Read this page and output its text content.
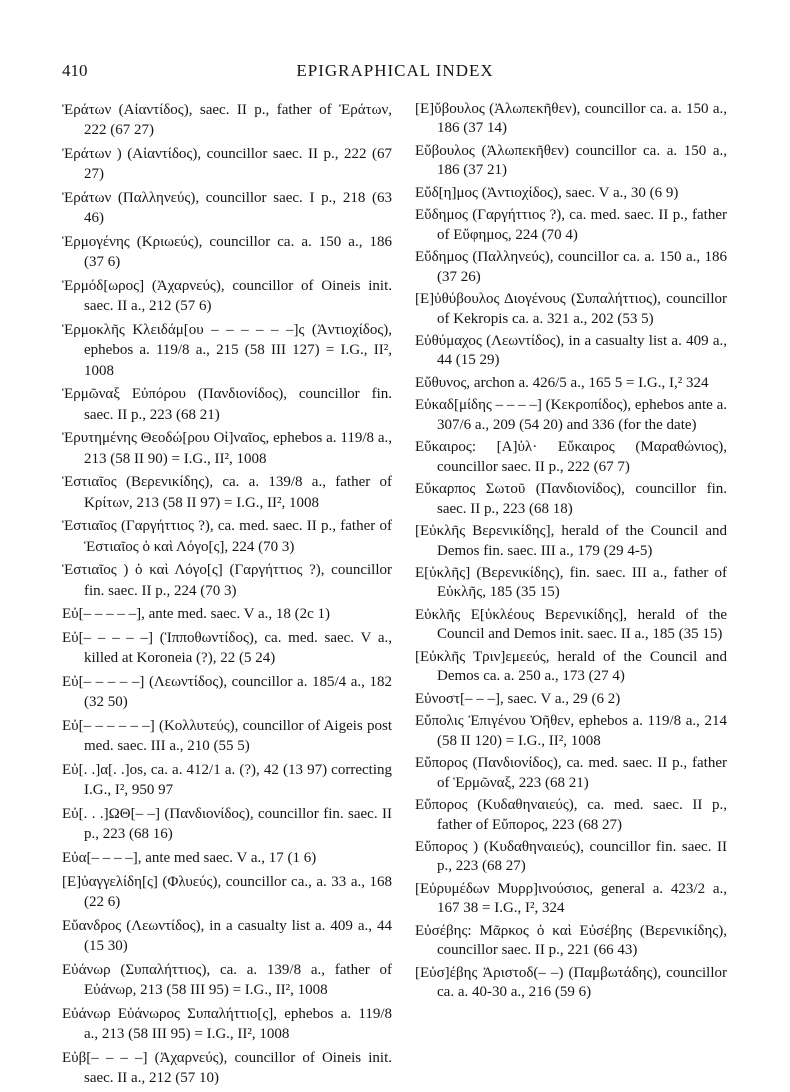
410	EPIGRAPHICAL INDEX

Ἐράτων (Αἰαντίδος), saec. II p., father of Ἐράτων, 222 (67 27)

Ἐράτων ) (Αἰαντίδος), councillor saec. II p., 222 (67 27)

Ἐράτων (Παλληνεύς), councillor saec. I p., 218 (63 46)

Ἑρμογένης (Κριωεύς), councillor ca. a. 150 a., 186 (37 6)

Ἑρμόδ[ωρος] (Ἀχαρνεύς), councillor of Oineis init. saec. II a., 212 (57 6)

Ἑρμοκλῆς Κλειδάμ[ου – – – – – –]ς (Ἀντιοχίδος), ephebos a. 119/8 a., 215 (58 III 127) = I.G., II², 1008

Ἑρμῶναξ Εὐπόρου (Πανδιονίδος), councillor fin. saec. II p., 223 (68 21)

Ἐρυτημένης Θεοδώ[ρου Οἰ]ναῖος, ephebos a. 119/8 a., 213 (58 II 90) = I.G., II², 1008

Ἑστιαῖος (Βερενικίδης), ca. a. 139/8 a., father of Κρίτων, 213 (58 II 97) = I.G., II², 1008

Ἑστιαῖος (Γαργήττιος ?), ca. med. saec. II p., father of Ἑστιαῖος ὁ καὶ Λόγο[ς], 224 (70 3)

Ἑστιαῖος ) ὁ καὶ Λόγο[ς] (Γαργήττιος ?), councillor fin. saec. II p., 224 (70 3)

Εὐ[– – – – –], ante med. saec. V a., 18 (2c 1)

Εὐ[– – – – –] (Ἱπποθωντίδος), ca. med. saec. V a., killed at Koroneia (?), 22 (5 24)

Εὐ[– – – – –] (Λεωντίδος), councillor a. 185/4 a., 182 (32 50)

Εὐ[– – – – – –] (Κολλυτεύς), councillor of Aigeis post med. saec. III a., 210 (55 5)

Εὐ[. .]α[. .]os, ca. a. 412/1 a. (?), 42 (13 97) correcting I.G., I², 950 97

Εὐ[. . .]ΩΘ[– –] (Πανδιονίδος), councillor fin. saec. II p., 223 (68 16)

Εὐα[– – – –], ante med saec. V a., 17 (1 6)

[Ε]ὐαγγελίδη[ς] (Φλυεύς), councillor ca., a. 33 a., 168 (22 6)

Εὔανδρος (Λεωντίδος), in a casualty list a. 409 a., 44 (15 30)

Εὐάνωρ (Συπαλήττιος), ca. a. 139/8 a., father of Εὐάνωρ, 213 (58 III 95) = I.G., II², 1008

Εὐάνωρ Εὐάνωρος Συπαλήττιο[ς], ephebos a. 119/8 a., 213 (58 III 95) = I.G., II², 1008

Εὐβ[– – – –] (Ἀχαρνεύς), councillor of Oineis init. saec. II a., 212 (57 10)

[Ε]ὔβουλος (Ἀλωπεκῆθεν), councillor ca. a. 150 a., 186 (37 14)

Εὔβουλος (Ἀλωπεκῆθεν) councillor ca. a. 150 a., 186 (37 21)

Εὔδ[η]μος (Ἀντιοχίδος), saec. V a., 30 (6 9)

Εὔδημος (Γαργήττιος ?), ca. med. saec. II p., father of Εὔφημος, 224 (70 4)

Εὔδημος (Παλληνεύς), councillor ca. a. 150 a., 186 (37 26)

[Ε]ὐθύβουλος Διογένους (Συπαλήττιος), councillor of Kekropis ca. a. 321 a., 202 (53 5)

Εὐθύμαχος (Λεωντίδος), in a casualty list a. 409 a., 44 (15 29)

Εὔθυνος, archon a. 426/5 a., 165 5 = I.G., I,² 324

Εὐκαδ[μίδης – – – –] (Κεκροπίδος), ephebos ante a. 307/6 a., 209 (54 20) and 336 (for the date)

Εὔκαιρος: [Α]ὐλ· Εὔκαιρος (Μαραθώνιος), councillor saec. II p., 222 (67 7)

Εὔκαρπος Σωτοῦ (Πανδιονίδος), councillor fin. saec. II p., 223 (68 18)

[Εὐκλῆς Βερενικίδης], herald of the Council and Demos fin. saec. III a., 179 (29 4-5)

Ε[ὐκλῆς] (Βερενικίδης), fin. saec. III a., father of Εὐκλῆς, 185 (35 15)

Εὐκλῆς Ε[ὐκλέους Βερενικίδης], herald of the Council and Demos init. saec. II a., 185 (35 15)

[Εὐκλῆς Τριν]εμεεύς, herald of the Council and Demos ca. a. 250 a., 173 (27 4)

Εὐνοστ[– – –], saec. V a., 29 (6 2)

Εὔπολις Ἐπιγένου Ὀῆθεν, ephebos a. 119/8 a., 214 (58 II 120) = I.G., II², 1008

Εὔπορος (Πανδιονίδος), ca. med. saec. II p., father of Ἑρμῶναξ, 223 (68 21)

Εὔπορος (Κυδαθηναιεύς), ca. med. saec. II p., father of Εὔπορος, 223 (68 27)

Εὔπορος ) (Κυδαθηναιεύς), councillor fin. saec. II p., 223 (68 27)

[Εὐρυμέδων Μυρρ]ινούσιος, general a. 423/2 a., 167 38 = I.G., I², 324

Εὐσέβης: Μᾶρκος ὁ καὶ Εὐσέβης (Βερενικίδης), councillor saec. II p., 221 (66 43)

[Εὐσ]έβης Ἀριστοδ(– –) (Παμβωτάδης), councillor ca. a. 40-30 a., 216 (59 6)
